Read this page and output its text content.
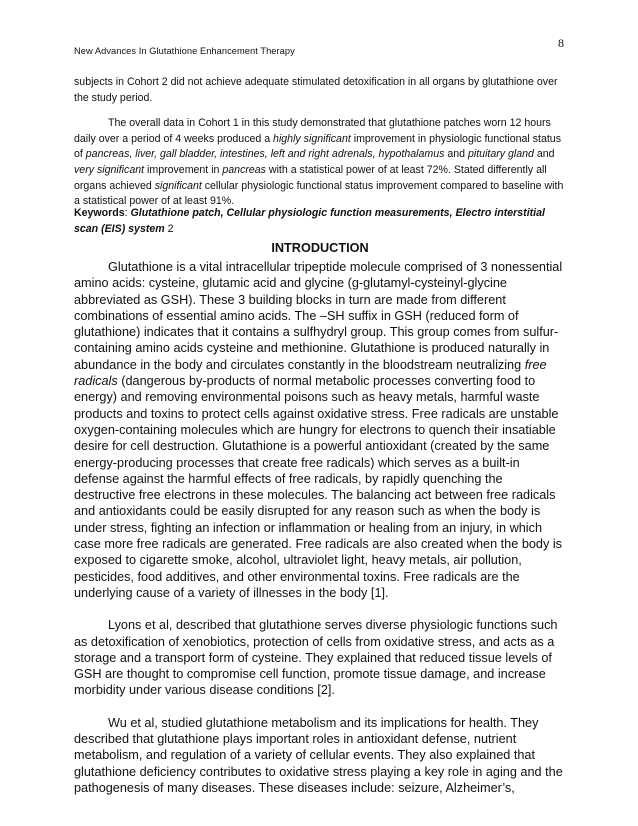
8
New Advances In Glutathione Enhancement Therapy

subjects in Cohort 2 did not achieve adequate stimulated detoxification in all organs by glutathione over the study period.

The overall data in Cohort 1 in this study demonstrated that glutathione patches worn 12 hours daily over a period of 4 weeks produced a highly significant improvement in physiologic functional status of pancreas, liver, gall bladder, intestines, left and right adrenals, hypothalamus and pituitary gland and very significant improvement in pancreas with a statistical power of at least 72%. Stated differently all organs achieved significant cellular physiologic functional status improvement compared to baseline with a statistical power of at least 91%.

Keywords: Glutathione patch, Cellular physiologic function measurements, Electro interstitial scan (EIS) system 2

INTRODUCTION

Glutathione is a vital intracellular tripeptide molecule comprised of 3 nonessential amino acids: cysteine, glutamic acid and glycine (g-glutamyl-cysteinyl-glycine abbreviated as GSH). These 3 building blocks in turn are made from different combinations of essential amino acids. The –SH suffix in GSH (reduced form of glutathione) indicates that it contains a sulfhydryl group. This group comes from sulfur-containing amino acids cysteine and methionine. Glutathione is produced naturally in abundance in the body and circulates constantly in the bloodstream neutralizing free radicals (dangerous by-products of normal metabolic processes converting food to energy) and removing environmental poisons such as heavy metals, harmful waste products and toxins to protect cells against oxidative stress. Free radicals are unstable oxygen-containing molecules which are hungry for electrons to quench their insatiable desire for cell destruction. Glutathione is a powerful antioxidant (created by the same energy-producing processes that create free radicals) which serves as a built-in defense against the harmful effects of free radicals, by rapidly quenching the destructive free electrons in these molecules. The balancing act between free radicals and antioxidants could be easily disrupted for any reason such as when the body is under stress, fighting an infection or inflammation or healing from an injury, in which case more free radicals are generated. Free radicals are also created when the body is exposed to cigarette smoke, alcohol, ultraviolet light, heavy metals, air pollution, pesticides, food additives, and other environmental toxins. Free radicals are the underlying cause of a variety of illnesses in the body [1].

Lyons et al, described that glutathione serves diverse physiologic functions such as detoxification of xenobiotics, protection of cells from oxidative stress, and acts as a storage and a transport form of cysteine. They explained that reduced tissue levels of GSH are thought to compromise cell function, promote tissue damage, and increase morbidity under various disease conditions [2].

Wu et al, studied glutathione metabolism and its implications for health. They described that glutathione plays important roles in antioxidant defense, nutrient metabolism, and regulation of a variety of cellular events. They also explained that glutathione deficiency contributes to oxidative stress playing a key role in aging and the pathogenesis of many diseases. These diseases include: seizure, Alzheimer’s,
